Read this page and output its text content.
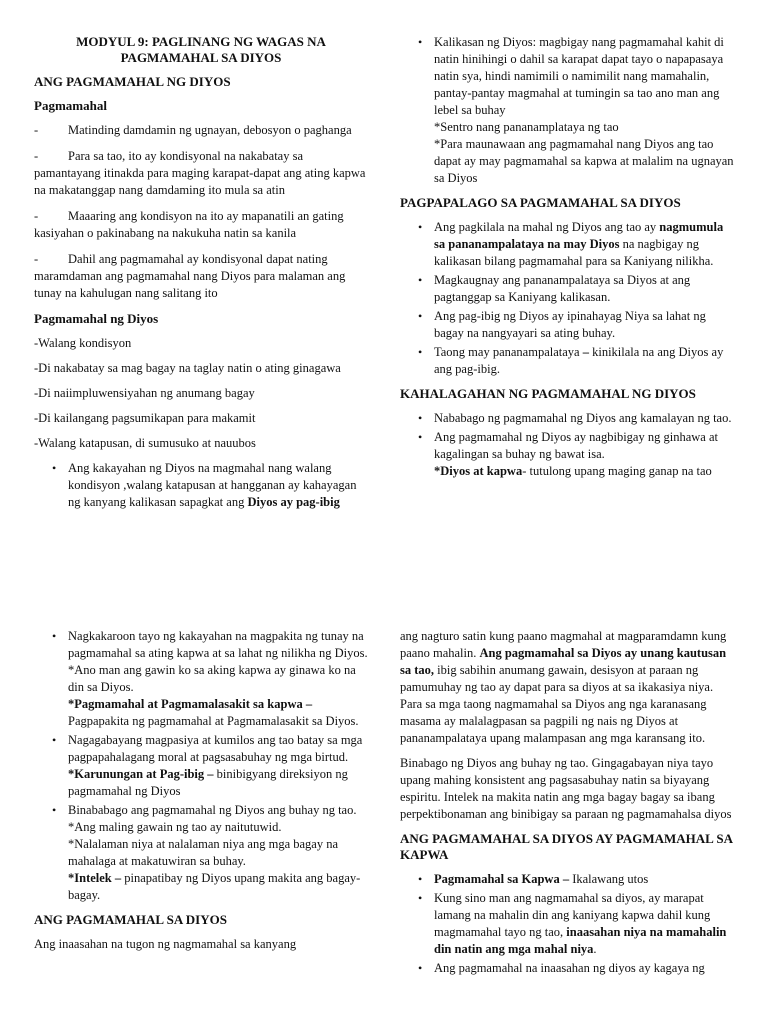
MODYUL 9: PAGLINANG NG WAGAS NA
PAGMAMAHAL SA DIYOS
ANG PAGMAMAHAL NG DIYOS
Pagmamahal

- Matinding damdamin ng ugnayan, debosyon o paghanga

- Para sa tao, ito ay kondisyonal na nakabatay sa pamantayang itinakda para maging karapat-dapat ang ating kapwa na makatanggap nang damdaming ito mula sa atin

- Maaaring ang kondisyon na ito ay mapanatili an gating kasiyahan o pakinabang na nakukuha natin sa kanila

- Dahil ang pagmamahal ay kondisyonal dapat nating maramdaman ang pagmamahal nang Diyos para malaman ang tunay na kahulugan nang salitang ito

Pagmamahal ng Diyos

-Walang kondisyon

-Di nakabatay sa mag bagay na taglay natin o ating ginagawa

-Di naiimpluwensiyahan ng anumang bagay

-Di kailangang pagsumikapan para makamit

-Walang katapusan, di sumusuko at nauubos

• Ang kakayahan ng Diyos na magmahal nang walang kondisyon ,walang katapusan at hangganan ay kahayagan ng kanyang kalikasan sapagkat ang Diyos ay pag-ibig
• Kalikasan ng Diyos: magbigay nang pagmamahal kahit di natin hinihingi o dahil sa karapat dapat tayo o napapasaya natin sya, hindi namimili o namimilit nang mamahalin, pantay-pantay magmahal at tumingin sa tao ano man ang lebel sa buhay
*Sentro nang pananamplataya ng tao
*Para maunawaan ang pagmamahal nang Diyos ang tao dapat ay may pagmamahal sa kapwa at malalim na ugnayan sa Diyos
PAGPAPALAGO SA PAGMAMAHAL SA DIYOS
• Ang pagkilala na mahal ng Diyos ang tao ay nagmumula sa pananampalataya na may Diyos na nagbigay ng kalikasan bilang pagmamahal para sa Kaniyang nilikha.
• Magkaugnay ang pananampalataya sa Diyos at ang pagtanggap sa Kaniyang kalikasan.
• Ang pag-ibig ng Diyos ay ipinahayag Niya sa lahat ng bagay na nangyayari sa ating buhay.
• Taong may pananampalataya – kinikilala na ang Diyos ay ang pag-ibig.
KAHALAGAHAN NG PAGMAMAHAL NG DIYOS
• Nababago ng pagmamahal ng Diyos ang kamalayan ng tao.
• Ang pagmamahal ng Diyos ay nagbibigay ng ginhawa at kagalingan sa buhay ng bawat isa.
*Diyos at kapwa- tutulong upang maging ganap na tao
• Nagkakaroon tayo ng kakayahan na magpakita ng tunay na pagmamahal sa ating kapwa at sa lahat ng nilikha ng Diyos.
*Ano man ang gawin ko sa aking kapwa ay ginawa ko na din sa Diyos.
*Pagmamahal at Pagmamalasakit sa kapwa – Pagpapakita ng pagmamahal at Pagmamalasakit sa Diyos.
• Nagagabayang magpasiya at kumilos ang tao batay sa mga pagpapahalagang moral at pagsasabuhay ng mga birtud.
*Karunungan at Pag-ibig – binibigyang direksiyon ng pagmamahal ng Diyos
• Binababago ang pagmamahal ng Diyos ang buhay ng tao.
*Ang maling gawain ng tao ay naitutuwid.
*Nalalaman niya at nalalaman niya ang mga bagay na mahalaga at makatuwiran sa buhay.
*Intelek – pinapatibay ng Diyos upang makita ang bagay-bagay.
ANG PAGMAMAHAL SA DIYOS

Ang inaasahan na tugon ng nagmamahal sa kanyang

ang nagturo satin kung paano magmahal at magparamdamn kung paano mahalin. Ang pagmamahal sa Diyos ay unang kautusan sa tao, ibig sabihin anumang gawain, desisyon at paraan ng pamumuhay ng tao ay dapat para sa diyos at sa ikakasiya niya. Para sa mga taong nagmamahal sa Diyos ang nga karanasang masama ay malalagpasan sa pagpili ng nais ng Diyos at pananampalataya upang malampasan ang mga karansang ito.

Binabago ng Diyos ang buhay ng tao. Gingagabayan niya tayo upang mahing konsistent ang pagsasabuhay natin sa biyayang espiritu. Intelek na makita natin ang mga bagay bagay sa ibang perpektibonaman ang binibigay sa paraan ng pagmamahalsa diyos

ANG PAGMAMAHAL SA DIYOS AY PAGMAMAHAL SA KAPWA
• Pagmamahal sa Kapwa – Ikalawang utos
• Kung sino man ang nagmamahal sa diyos, ay marapat lamang na mahalin din ang kaniyang kapwa dahil kung magmamahal tayo ng tao, inaasahan niya na mamahalin din natin ang mga mahal niya.
• Ang pagmamahal na inaasahan ng diyos ay kagaya ng
